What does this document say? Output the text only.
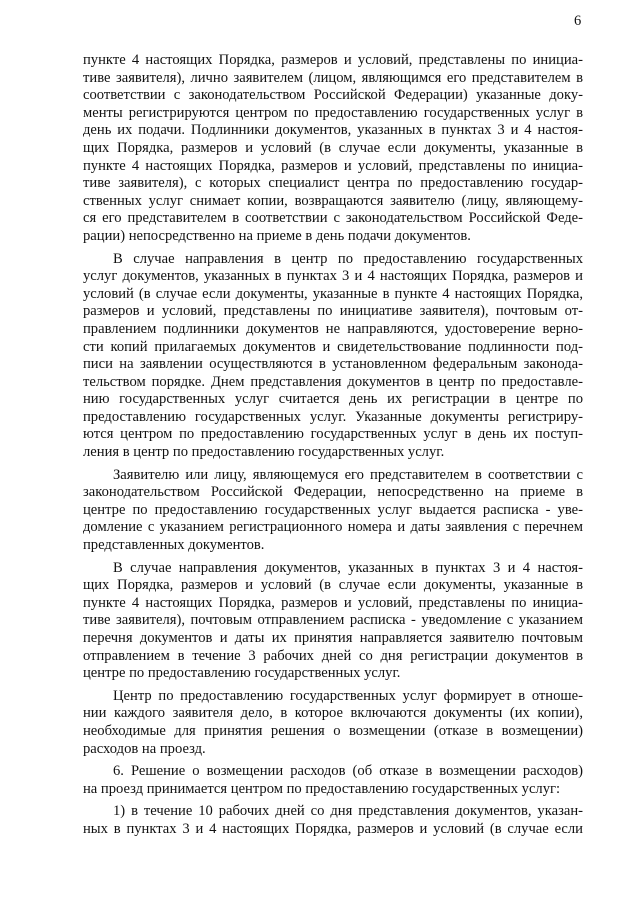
6
пункте 4 настоящих Порядка, размеров и условий, представлены по инициа-
тиве заявителя), лично заявителем (лицом, являющимся его представителем в
соответствии с законодательством Российской Федерации) указанные доку-
менты регистрируются центром по предоставлению государственных услуг в
день их подачи. Подлинники документов, указанных в пунктах 3 и 4 настоя-
щих Порядка, размеров и условий (в случае если документы, указанные в
пункте 4 настоящих Порядка, размеров и условий, представлены по инициа-
тиве заявителя), с которых специалист центра по предоставлению государ-
ственных услуг снимает копии, возвращаются заявителю (лицу, являющему-
ся его представителем в соответствии с законодательством Российской Феде-
рации) непосредственно на приеме в день подачи документов.
В случае направления в центр по предоставлению государственных
услуг документов, указанных в пунктах 3 и 4 настоящих Порядка, размеров и
условий (в случае если документы, указанные в пункте 4 настоящих Порядка,
размеров и условий, представлены по инициативе заявителя), почтовым от-
правлением подлинники документов не направляются, удостоверение верно-
сти копий прилагаемых документов и свидетельствование подлинности под-
писи на заявлении осуществляются в установленном федеральным законода-
тельством порядке. Днем представления документов в центр по предоставле-
нию государственных услуг считается день их регистрации в центре по
предоставлению государственных услуг. Указанные документы регистриру-
ются центром по предоставлению государственных услуг в день их поступ-
ления в центр по предоставлению государственных услуг.
Заявителю или лицу, являющемуся его представителем в соответствии с
законодательством Российской Федерации, непосредственно на приеме в
центре по предоставлению государственных услуг выдается расписка - уве-
домление с указанием регистрационного номера и даты заявления с перечнем
представленных документов.
В случае направления документов, указанных в пунктах 3 и 4 настоя-
щих Порядка, размеров и условий (в случае если документы, указанные в
пункте 4 настоящих Порядка, размеров и условий, представлены по инициа-
тиве заявителя), почтовым отправлением расписка - уведомление с указанием
перечня документов и даты их принятия направляется заявителю почтовым
отправлением в течение 3 рабочих дней со дня регистрации документов в
центре по предоставлению государственных услуг.
Центр по предоставлению государственных услуг формирует в отноше-
нии каждого заявителя дело, в которое включаются документы (их копии),
необходимые для принятия решения о возмещении (отказе в возмещении)
расходов на проезд.
6. Решение о возмещении расходов (об отказе в возмещении расходов)
на проезд принимается центром по предоставлению государственных услуг:
1) в течение 10 рабочих дней со дня представления документов, указан-
ных в пунктах 3 и 4 настоящих Порядка, размеров и условий (в случае если
